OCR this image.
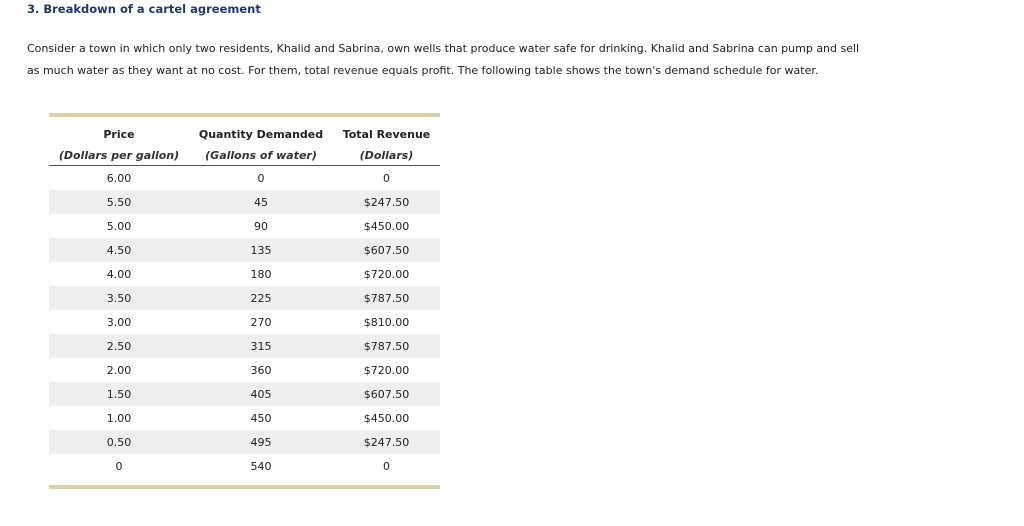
3. Breakdown of a cartel agreement
Consider a town in which only two residents, Khalid and Sabrina, own wells that produce water safe for drinking. Khalid and Sabrina can pump and sell
as much water as they want at no cost. For them, total revenue equals profit. The following table shows the town's demand schedule for water.
Price	Quantity Demanded	Total Revenue
(Dollars per gallon)	(Gallons of water)	(Dollars)
6.00	0	0
5.50	45	$247.50
5.00	90	$450.00
4.50	135	$607.50
4.00	180	$720.00
3.50	225	$787.50
3.00	270	$810.00
2.50	315	$787.50
2.00	360	$720.00
1.50	405	$607.50
1.00	450	$450.00
0.50	495	$247.50
0	540	0
